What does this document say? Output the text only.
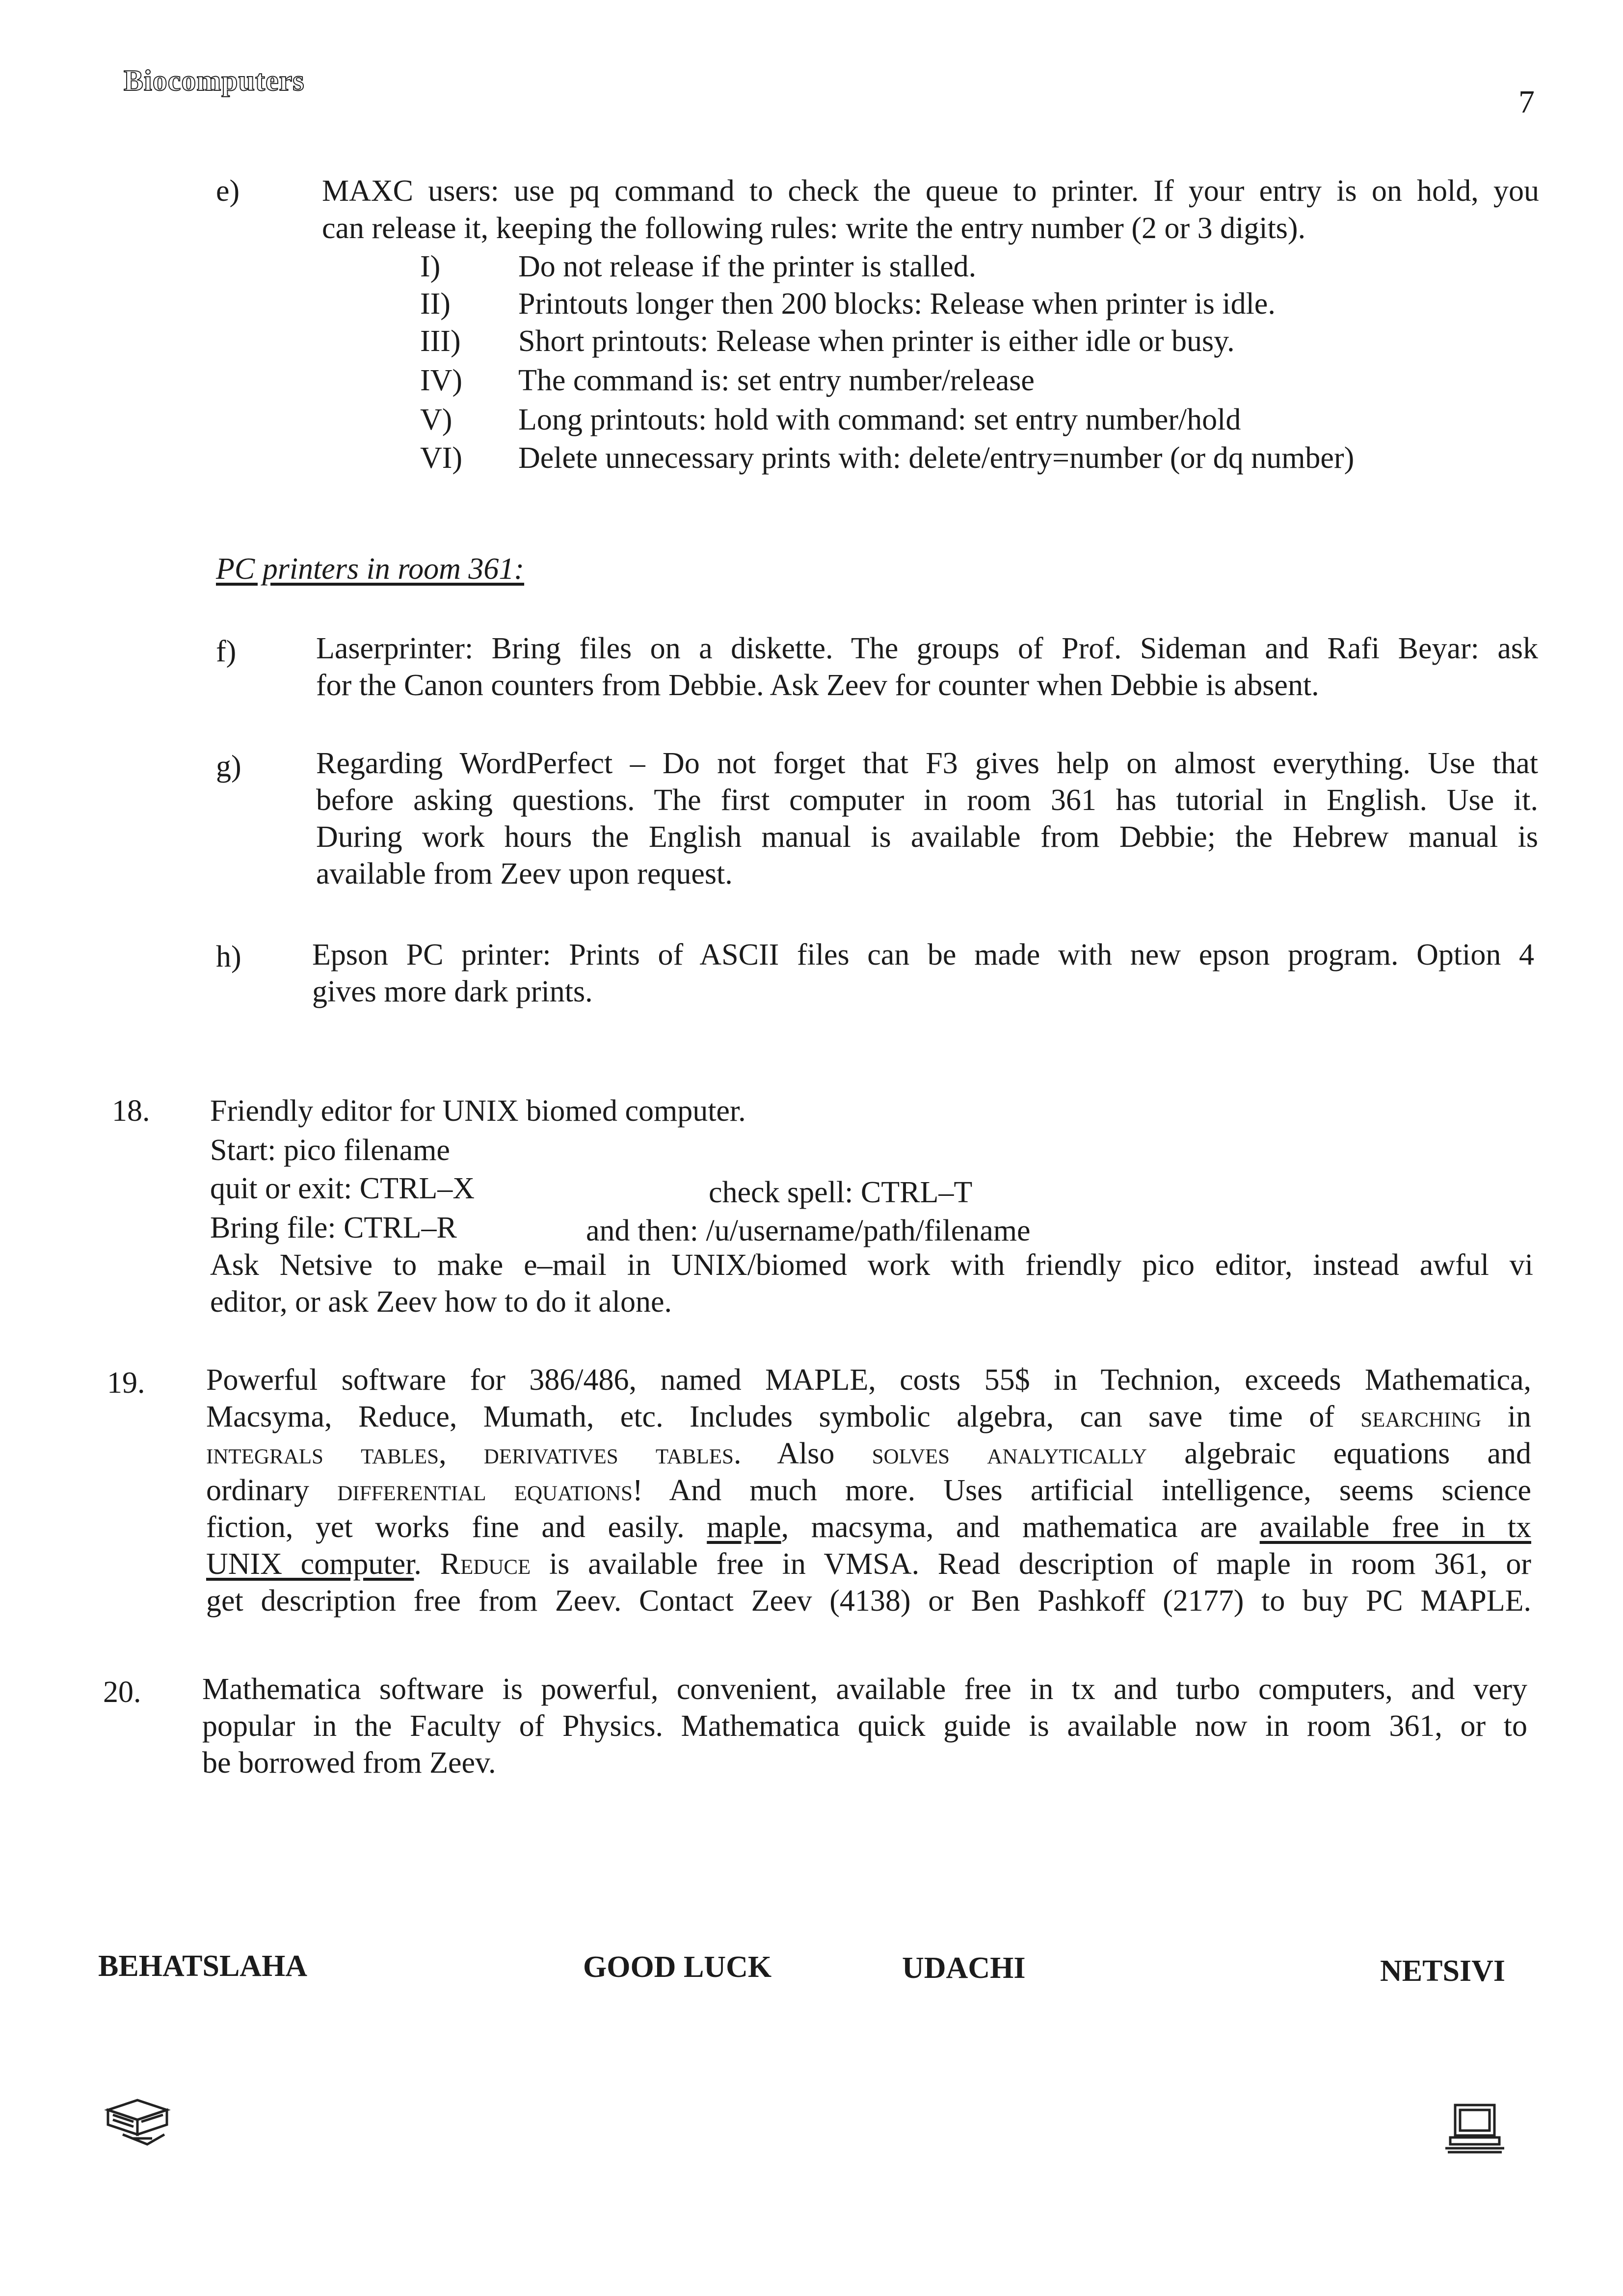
Biocomputers
7
e)	MAXC users: use pq command to check the queue to printer. If your entry is on hold, you
can release it, keeping the following rules: write the entry number (2 or 3 digits).
I)	Do not release if the printer is stalled.
II) Printouts longer then 200 blocks: Release when printer is idle.
III) Short printouts: Release when printer is either idle or busy.
IV) The command is: set entry number/release
V) Long printouts: hold with command: set entry number/hold
VI) Delete unnecessary prints with: delete/entry=number (or dq number)
PC printers in room 361:
f)	Laserprinter: Bring files on a diskette. The groups of Prof. Sideman and Rafi Beyar: ask
for the Canon counters from Debbie. Ask Zeev for counter when Debbie is absent.
g) Regarding WordPerfect – Do not forget that F3 gives help on almost everything. Use that
before asking questions. The first computer in room 361 has tutorial in English. Use it.
During work hours the English manual is available from Debbie; the Hebrew manual is
available from Zeev upon request.
h) Epson PC printer: Prints of ASCII files can be made with new epson program. Option 4
gives more dark prints.
18. Friendly editor for UNIX biomed computer.
Start: pico filename
quit or exit: CTRL–X	check spell: CTRL–T
Bring file: CTRL–R	and then: /u/username/path/filename
Ask Netsive to make e–mail in UNIX/biomed work with friendly pico editor, instead awful vi
editor, or ask Zeev how to do it alone.
19. Powerful software for 386/486, named MAPLE, costs 55$ in Technion, exceeds Mathematica,
Macsyma, Reduce, Mumath, etc. Includes symbolic algebra, can save time of searching in
integrals tables, derivatives tables. Also solves analytically algebraic equations and
ordinary differential equations! And much more. Uses artificial intelligence, seems science
fiction, yet works fine and easily. maple, macsyma, and mathematica are available free in tx
UNIX computer. Reduce is available free in VMSA. Read description of maple in room 361, or
get description free from Zeev. Contact Zeev (4138) or Ben Pashkoff (2177) to buy PC MAPLE.
20. Mathematica software is powerful, convenient, available free in tx and turbo computers, and very
popular in the Faculty of Physics. Mathematica quick guide is available now in room 361, or to
be borrowed from Zeev.
BEHATSLAHA	GOOD LUCK	UDACHI	NETSIVI
